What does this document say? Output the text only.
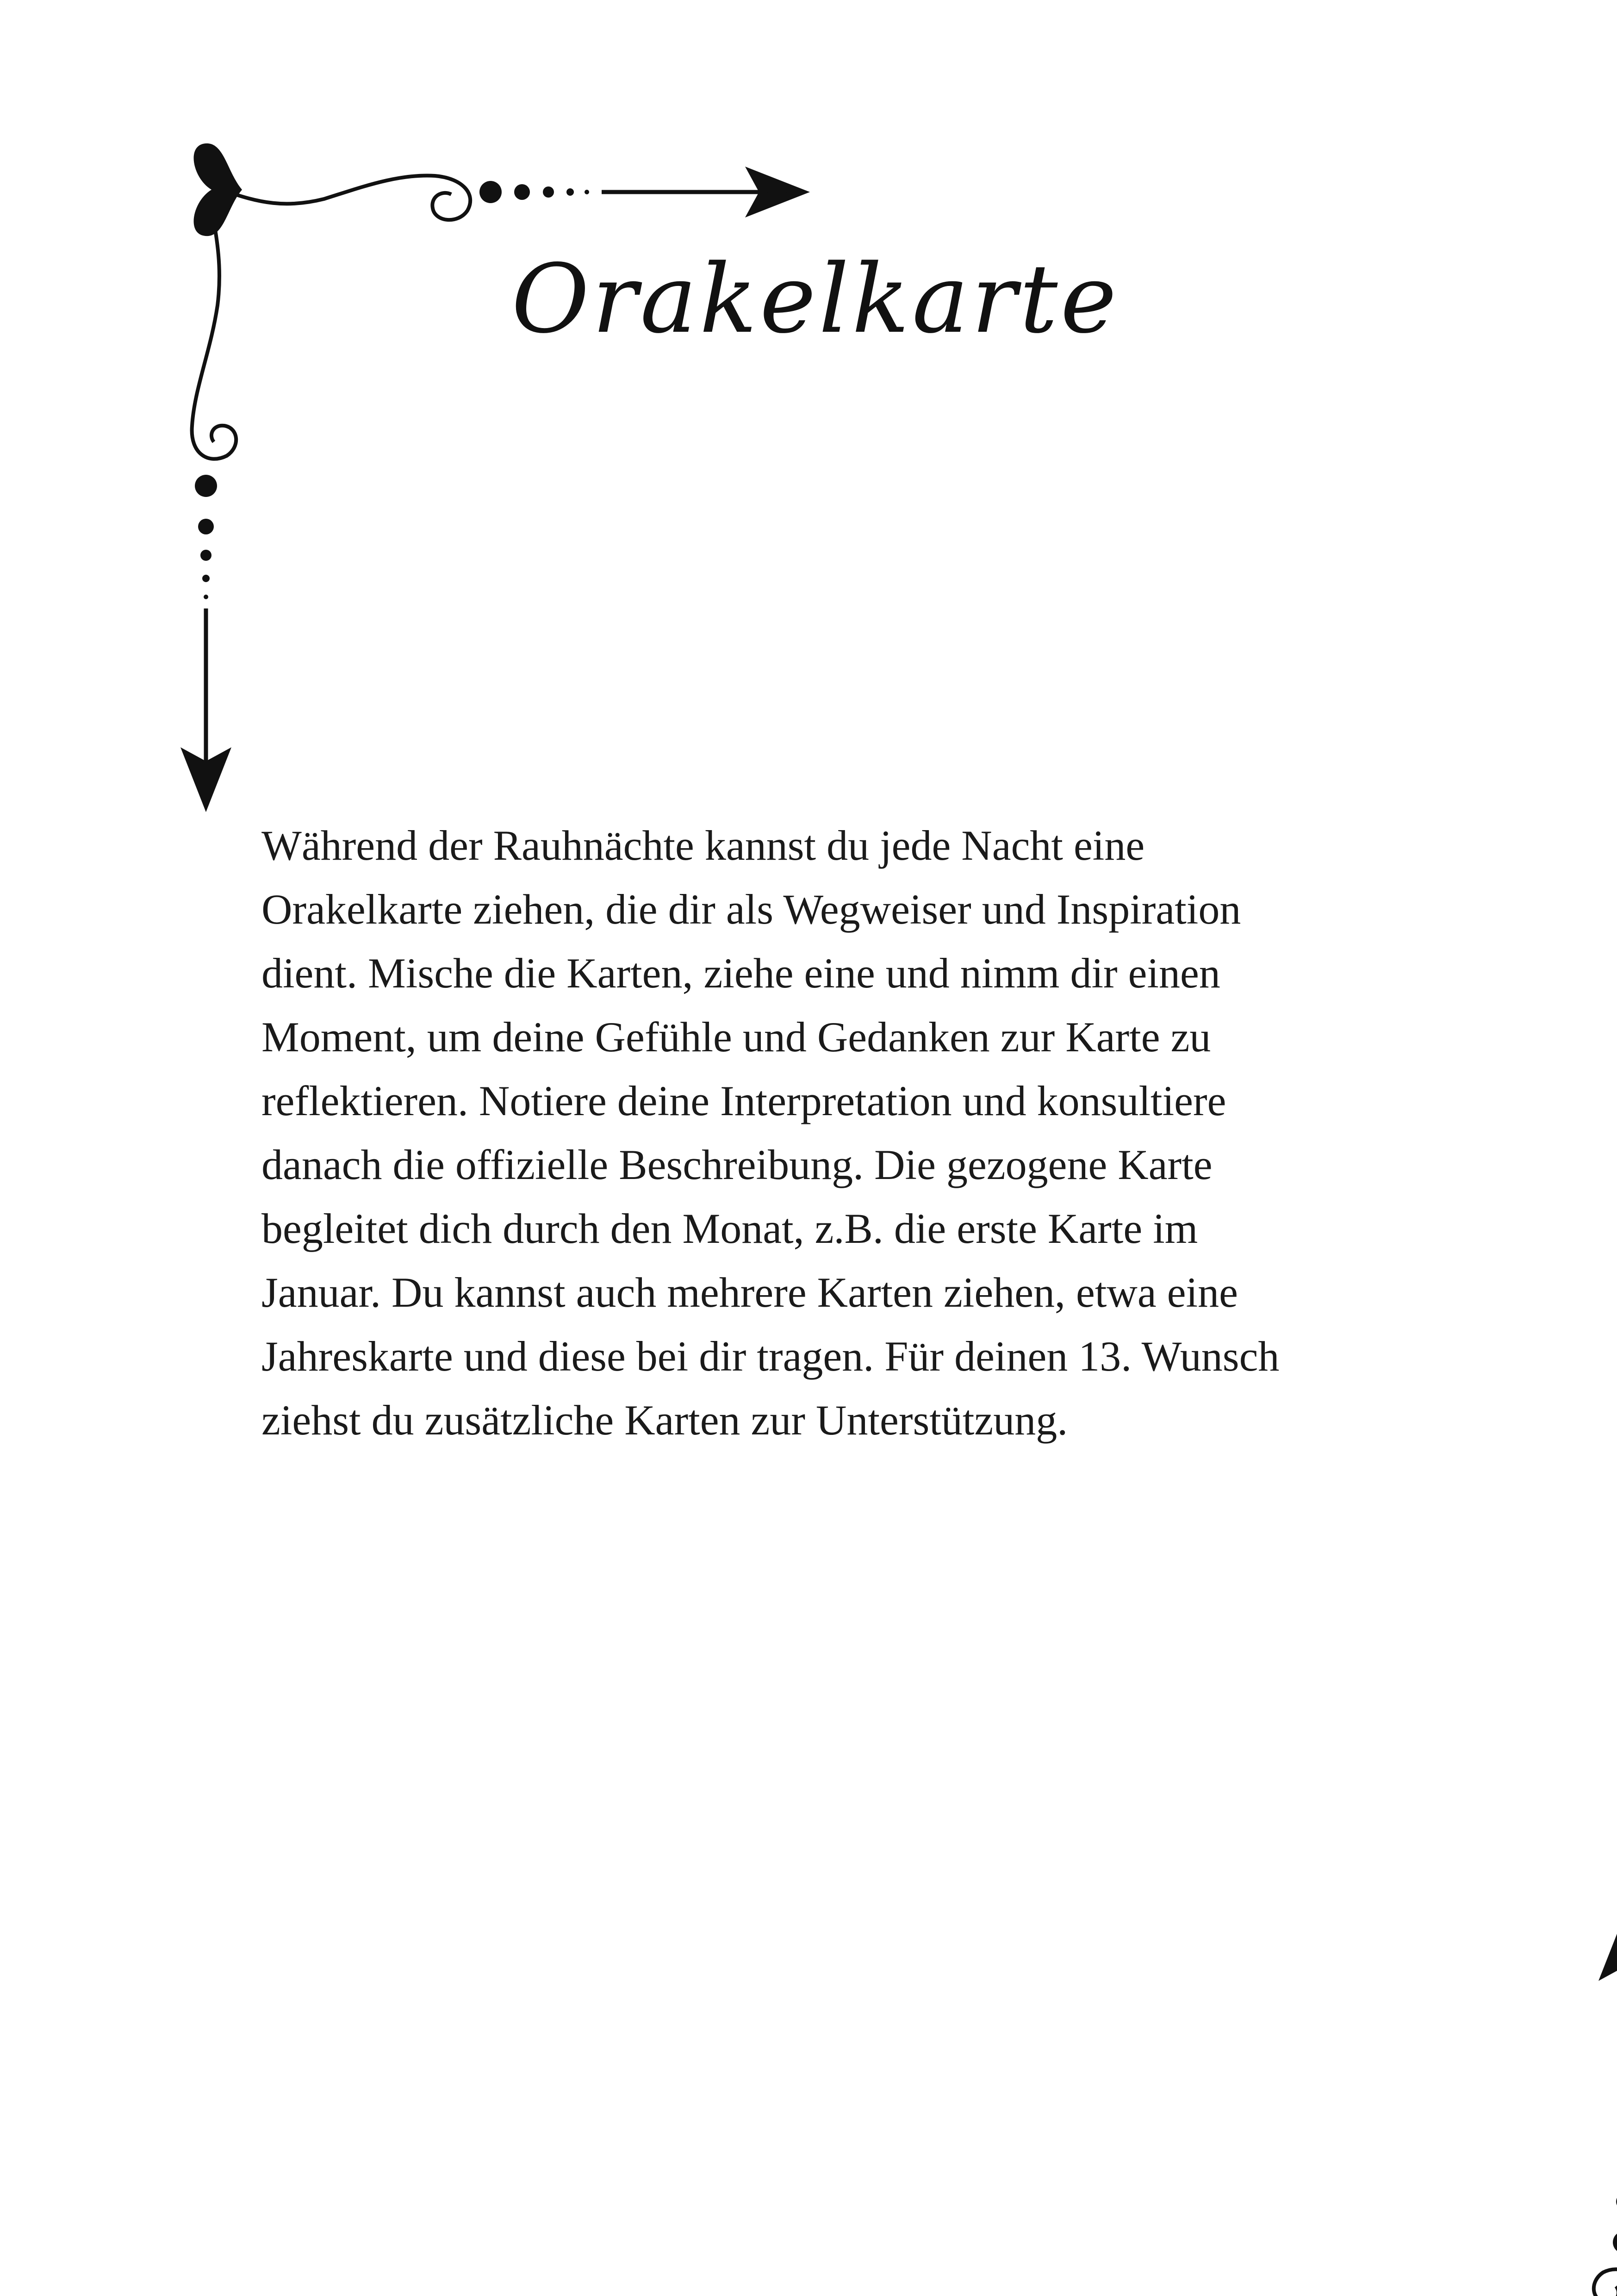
Orakelkarte
Während der Rauhnächte kannst du jede Nacht eine
Orakelkarte ziehen, die dir als Wegweiser und Inspiration
dient. Mische die Karten, ziehe eine und nimm dir einen
Moment, um deine Gefühle und Gedanken zur Karte zu
reflektieren. Notiere deine Interpretation und konsultiere
danach die offizielle Beschreibung. Die gezogene Karte
begleitet dich durch den Monat, z.B. die erste Karte im
Januar. Du kannst auch mehrere Karten ziehen, etwa eine
Jahreskarte und diese bei dir tragen. Für deinen 13. Wunsch
ziehst du zusätzliche Karten zur Unterstützung.
